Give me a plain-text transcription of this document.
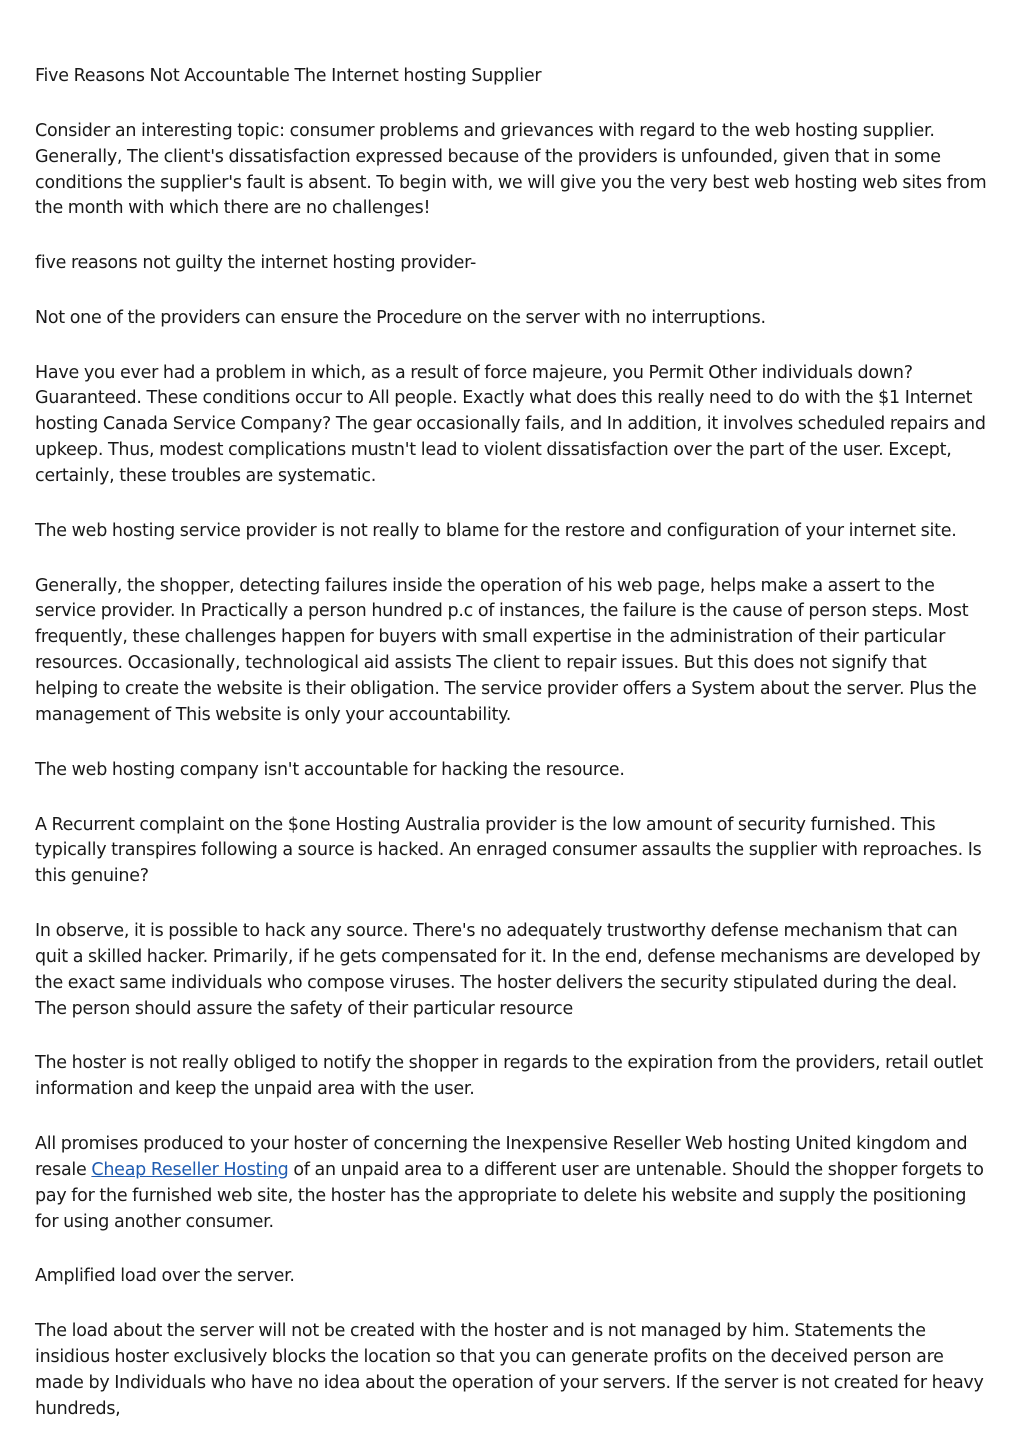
Five Reasons Not Accountable The Internet hosting Supplier

Consider an interesting topic: consumer problems and grievances with regard to the web hosting supplier. Generally, The client's dissatisfaction expressed because of the providers is unfounded, given that in some conditions the supplier's fault is absent. To begin with, we will give you the very best web hosting web sites from the month with which there are no challenges!

five reasons not guilty the internet hosting provider-

Not one of the providers can ensure the Procedure on the server with no interruptions.

Have you ever had a problem in which, as a result of force majeure, you Permit Other individuals down? Guaranteed. These conditions occur to All people. Exactly what does this really need to do with the $1 Internet hosting Canada Service Company? The gear occasionally fails, and In addition, it involves scheduled repairs and upkeep. Thus, modest complications mustn't lead to violent dissatisfaction over the part of the user. Except, certainly, these troubles are systematic.

The web hosting service provider is not really to blame for the restore and configuration of your internet site.

Generally, the shopper, detecting failures inside the operation of his web page, helps make a assert to the service provider. In Practically a person hundred p.c of instances, the failure is the cause of person steps. Most frequently, these challenges happen for buyers with small expertise in the administration of their particular resources. Occasionally, technological aid assists The client to repair issues. But this does not signify that helping to create the website is their obligation. The service provider offers a System about the server. Plus the management of This website is only your accountability.

The web hosting company isn't accountable for hacking the resource.

A Recurrent complaint on the $one Hosting Australia provider is the low amount of security furnished. This typically transpires following a source is hacked. An enraged consumer assaults the supplier with reproaches. Is this genuine?

In observe, it is possible to hack any source. There's no adequately trustworthy defense mechanism that can quit a skilled hacker. Primarily, if he gets compensated for it. In the end, defense mechanisms are developed by the exact same individuals who compose viruses. The hoster delivers the security stipulated during the deal. The person should assure the safety of their particular resource

The hoster is not really obliged to notify the shopper in regards to the expiration from the providers, retail outlet information and keep the unpaid area with the user.

All promises produced to your hoster of concerning the Inexpensive Reseller Web hosting United kingdom and resale Cheap Reseller Hosting of an unpaid area to a different user are untenable. Should the shopper forgets to pay for the furnished web site, the hoster has the appropriate to delete his website and supply the positioning for using another consumer.

Amplified load over the server.

The load about the server will not be created with the hoster and is not managed by him. Statements the insidious hoster exclusively blocks the location so that you can generate profits on the deceived person are made by Individuals who have no idea about the operation of your servers. If the server is not created for heavy hundreds,
